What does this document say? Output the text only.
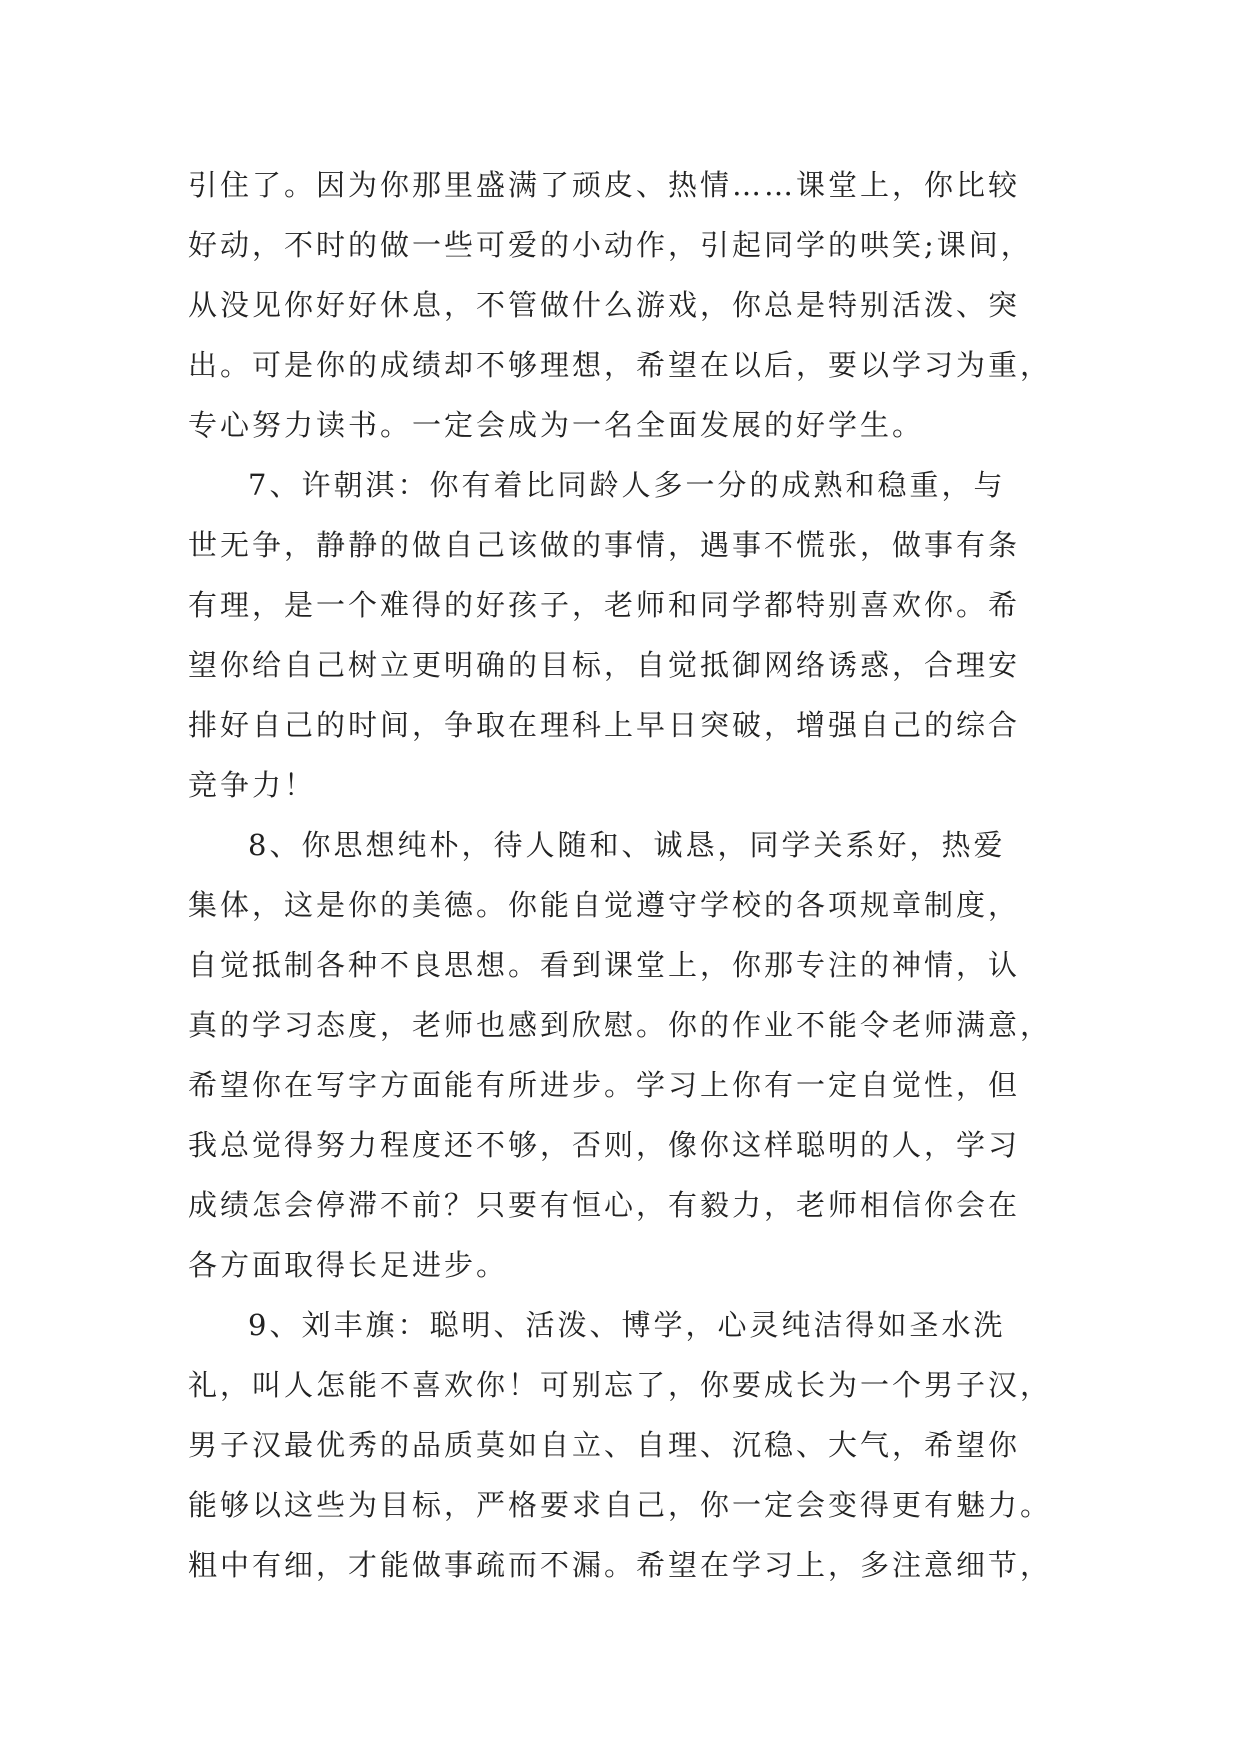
引住了。因为你那里盛满了顽皮、热情……课堂上，你比较
好动，不时的做一些可爱的小动作，引起同学的哄笑;课间，
从没见你好好休息，不管做什么游戏，你总是特别活泼、突
出。可是你的成绩却不够理想，希望在以后，要以学习为重，
专心努力读书。一定会成为一名全面发展的好学生。
7、许朝淇：你有着比同龄人多一分的成熟和稳重，与
世无争，静静的做自己该做的事情，遇事不慌张，做事有条
有理，是一个难得的好孩子，老师和同学都特别喜欢你。希
望你给自己树立更明确的目标，自觉抵御网络诱惑，合理安
排好自己的时间，争取在理科上早日突破，增强自己的综合
竞争力！
8、你思想纯朴，待人随和、诚恳，同学关系好，热爱
集体，这是你的美德。你能自觉遵守学校的各项规章制度，
自觉抵制各种不良思想。看到课堂上，你那专注的神情，认
真的学习态度，老师也感到欣慰。你的作业不能令老师满意，
希望你在写字方面能有所进步。学习上你有一定自觉性，但
我总觉得努力程度还不够，否则，像你这样聪明的人，学习
成绩怎会停滞不前？只要有恒心，有毅力，老师相信你会在
各方面取得长足进步。
9、刘丰旗：聪明、活泼、博学，心灵纯洁得如圣水洗
礼，叫人怎能不喜欢你！可别忘了，你要成长为一个男子汉，
男子汉最优秀的品质莫如自立、自理、沉稳、大气，希望你
能够以这些为目标，严格要求自己，你一定会变得更有魅力。
粗中有细，才能做事疏而不漏。希望在学习上，多注意细节，
